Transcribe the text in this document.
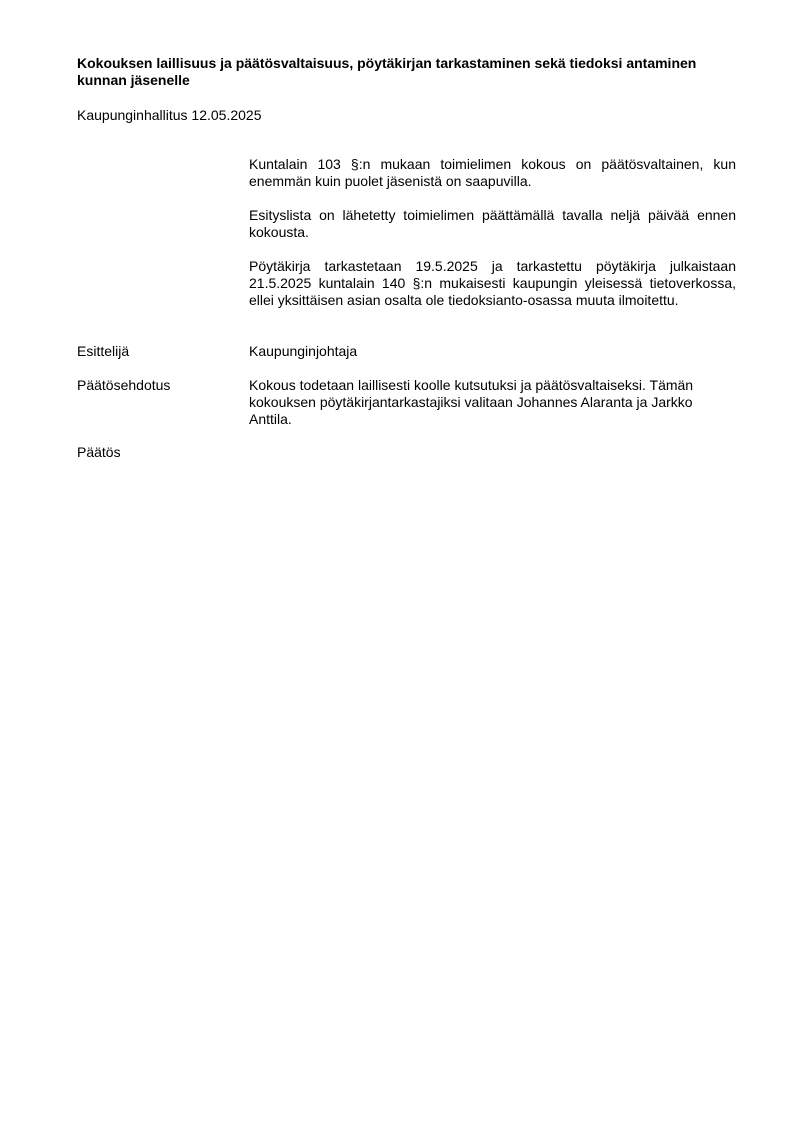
Kokouksen laillisuus ja päätösvaltaisuus, pöytäkirjan tarkastaminen sekä tiedoksi antaminen kunnan jäsenelle
Kaupunginhallitus 12.05.2025

Kuntalain 103 §:n mukaan toimielimen kokous on päätösvaltainen, kun enemmän kuin puolet jäsenistä on saapuvilla.

Esityslista on lähetetty toimielimen päättämällä tavalla neljä päivää ennen kokousta.

Pöytäkirja tarkastetaan 19.5.2025 ja tarkastettu pöytäkirja julkaistaan 21.5.2025 kuntalain 140 §:n mukaisesti kaupungin yleisessä tietoverkossa, ellei yksittäisen asian osalta ole tiedoksianto-osassa muuta ilmoitettu.

Esittelijä	Kaupunginjohtaja
Päätösehdotus	Kokous todetaan laillisesti koolle kutsutuksi ja päätösvaltaiseksi. Tämän kokouksen pöytäkirjantarkastajiksi valitaan Johannes Alaranta ja Jarkko Anttila.
Päätös
